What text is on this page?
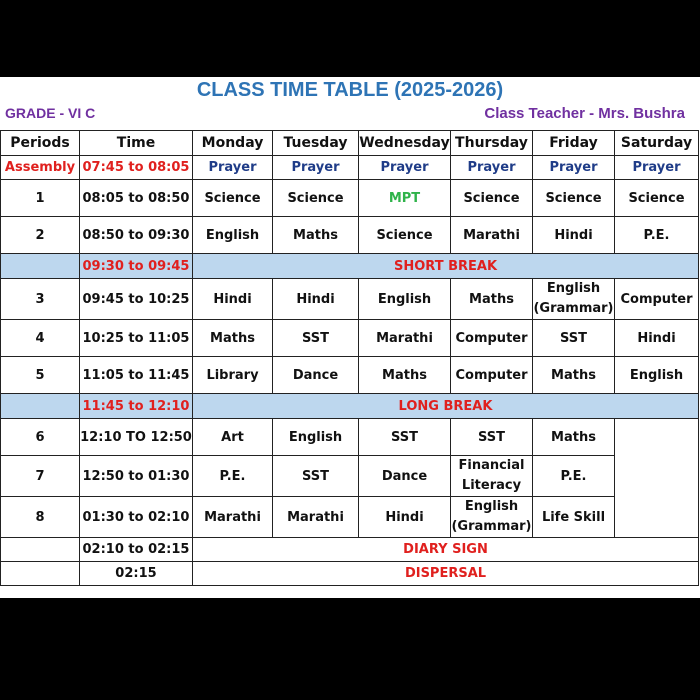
CLASS TIME TABLE (2025-2026)
GRADE - VI C	Class Teacher - Mrs. Bushra
Periods	Time	Monday	Tuesday	Wednesday	Thursday	Friday	Saturday
Assembly	07:45 to 08:05	Prayer	Prayer	Prayer	Prayer	Prayer	Prayer
1	08:05 to 08:50	Science	Science	MPT	Science	Science	Science
2	08:50 to 09:30	English	Maths	Science	Marathi	Hindi	P.E.
	09:30 to 09:45	SHORT BREAK					
3	09:45 to 10:25	Hindi	Hindi	English	Maths	English (Grammar)	Computer
4	10:25 to 11:05	Maths	SST	Marathi	Computer	SST	Hindi
5	11:05 to 11:45	Library	Dance	Maths	Computer	Maths	English
	11:45 to 12:10	LONG BREAK					
6	12:10 TO 12:50	Art	English	SST	SST	Maths	
7	12:50 to 01:30	P.E.	SST	Dance	Financial Literacy	P.E.	
8	01:30 to 02:10	Marathi	Marathi	Hindi	English (Grammar)	Life Skill	
	02:10 to 02:15	DIARY SIGN					
	02:15	DISPERSAL					
